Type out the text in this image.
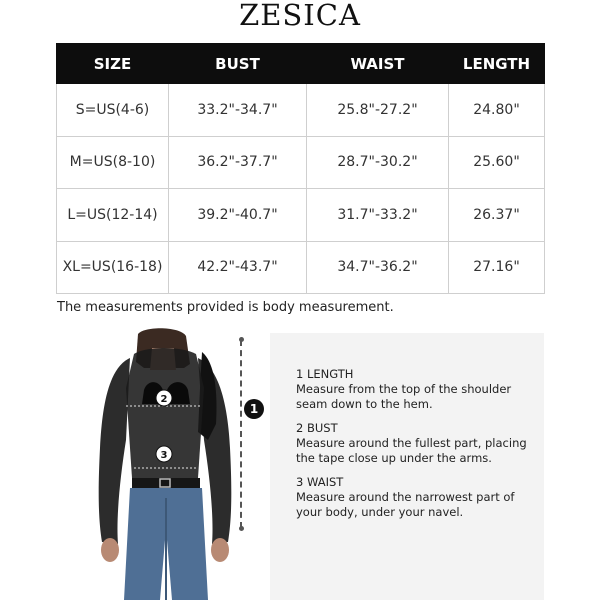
ZESICA
SIZE	BUST	WAIST	LENGTH
S=US(4-6)	33.2"-34.7"	25.8"-27.2"	24.80"
M=US(8-10)	36.2"-37.7"	28.7"-30.2"	25.60"
L=US(12-14)	39.2"-40.7"	31.7"-33.2"	26.37"
XL=US(16-18)	42.2"-43.7"	34.7"-36.2"	27.16"
The measurements provided is body measurement.
2
3
1
1 LENGTH
Measure from the top of the shoulder
seam down to the hem.
2 BUST
Measure around the fullest part, placing
the tape close up under the arms.
3 WAIST
Measure around the narrowest part of
your body, under your navel.
